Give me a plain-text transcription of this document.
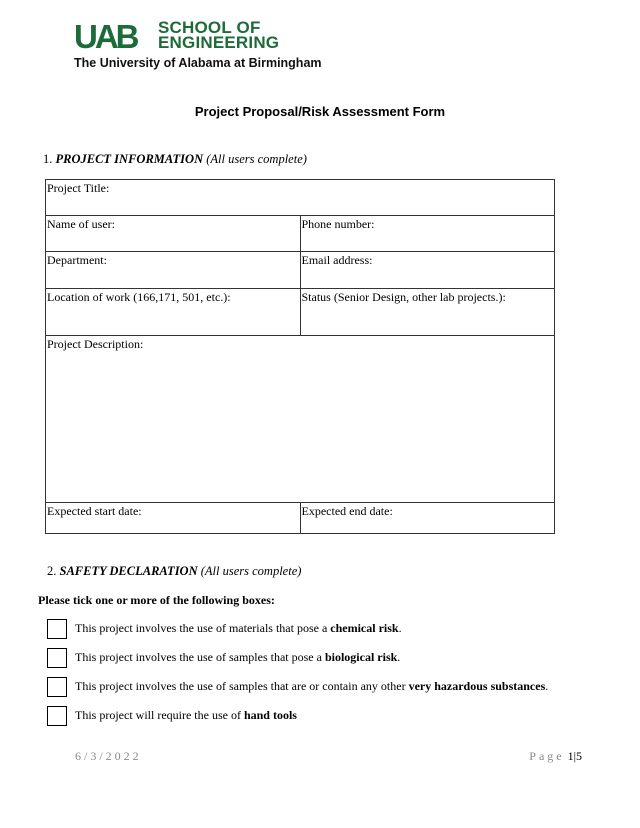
UAB SCHOOL OF
ENGINEERING
The University of Alabama at Birmingham
Project Proposal/Risk Assessment Form
1. PROJECT INFORMATION (All users complete)
Project Title:	
Name of user:	Phone number:
Department:	Email address:
Location of work (166,171, 501, etc.):	Status (Senior Design, other lab projects.):
Project Description:	
Expected start date:	Expected end date:
2. SAFETY DECLARATION (All users complete)
Please tick one or more of the following boxes:
This project involves the use of materials that pose a chemical risk.
This project involves the use of samples that pose a biological risk.
This project involves the use of samples that are or contain any other very hazardous substances.
This project will require the use of hand tools
6/3/2022	Page 1|5
